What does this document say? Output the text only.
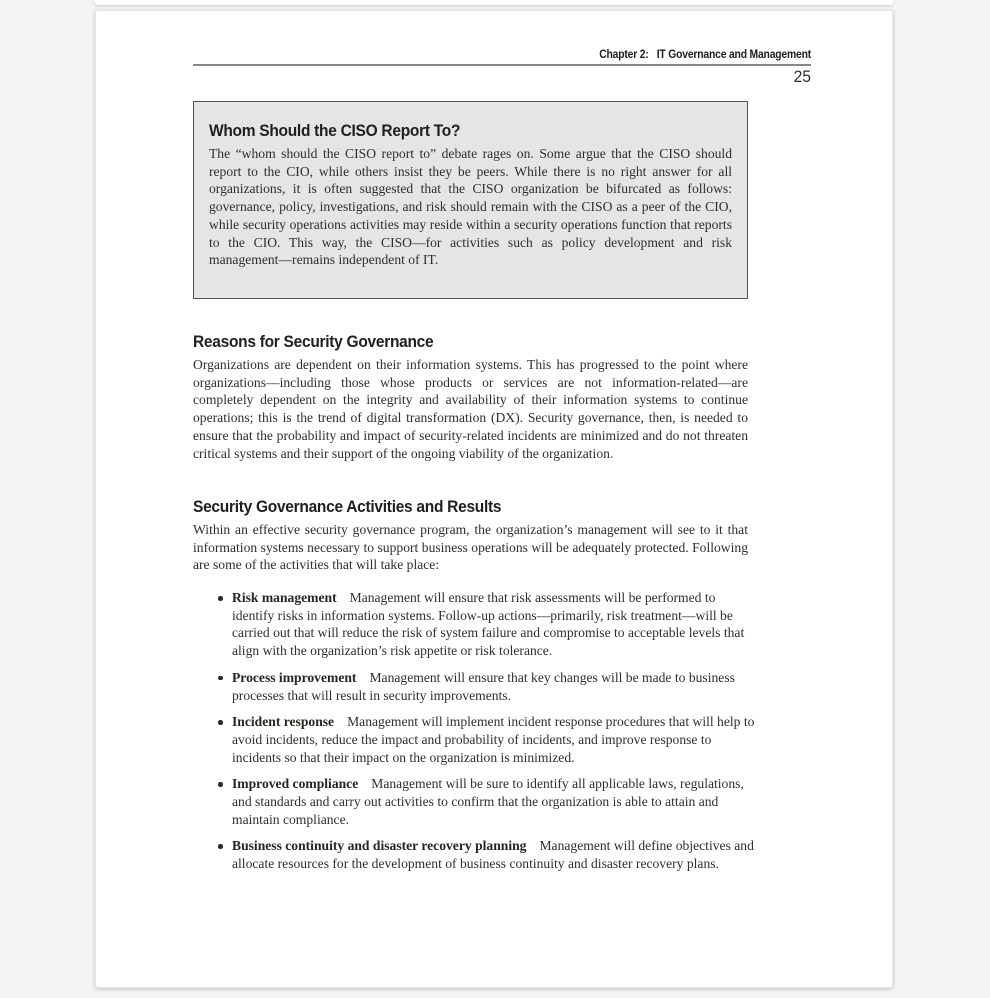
Chapter 2: IT Governance and Management
25
Whom Should the CISO Report To?

The “whom should the CISO report to” debate rages on. Some argue that the CISO should report to the CIO, while others insist they be peers. While there is no right answer for all organizations, it is often suggested that the CISO organization be bifurcated as follows: governance, policy, investigations, and risk should remain with the CISO as a peer of the CIO, while security operations activities may reside within a security operations function that reports to the CIO. This way, the CISO—for activities such as policy development and risk management—remains independent of IT.

Reasons for Security Governance

Organizations are dependent on their information systems. This has progressed to the point where organizations—including those whose products or services are not information-related—are completely dependent on the integrity and availability of their information systems to continue operations; this is the trend of digital transformation (DX). Security governance, then, is needed to ensure that the probability and impact of security-related incidents are minimized and do not threaten critical systems and their support of the ongoing viability of the organization.

Security Governance Activities and Results

Within an effective security governance program, the organization’s management will see to it that information systems necessary to support business operations will be adequately protected. Following are some of the activities that will take place:

Risk management Management will ensure that risk assessments will be performed to identify risks in information systems. Follow-up actions—primarily, risk treatment—will be carried out that will reduce the risk of system failure and compromise to acceptable levels that align with the organization’s risk appetite or risk tolerance.
Process improvement Management will ensure that key changes will be made to business processes that will result in security improvements.
Incident response Management will implement incident response procedures that will help to avoid incidents, reduce the impact and probability of incidents, and improve response to incidents so that their impact on the organization is minimized.
Improved compliance Management will be sure to identify all applicable laws, regulations, and standards and carry out activities to confirm that the organization is able to attain and maintain compliance.
Business continuity and disaster recovery planning Management will define objectives and allocate resources for the development of business continuity and disaster recovery plans.
